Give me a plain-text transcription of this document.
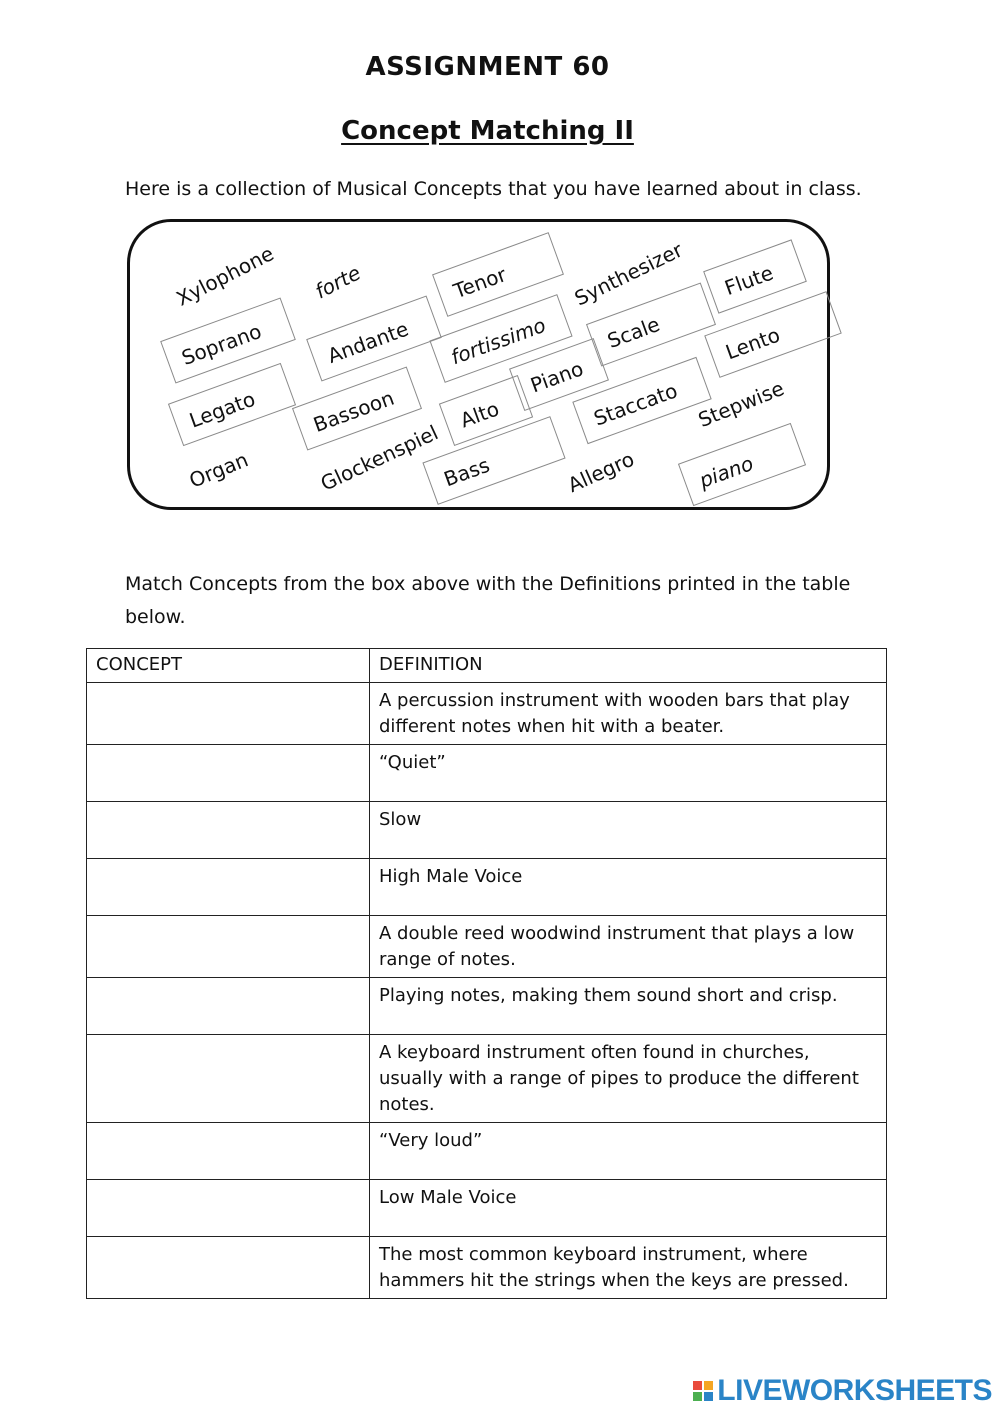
ASSIGNMENT 60
Concept Matching II

Here is a collection of Musical Concepts that you have learned about in class.

Xylophone forte	Tenor	Synthesizer	Flute
Soprano	Andante	fortissimo	Scale	Lento
Legato	Bassoon	Alto
Piano
Staccato Stepwise
Organ	Glockenspiel
Bass	Allegro	piano

Match Concepts from the box above with the Definitions printed in the table below.

CONCEPT	DEFINITION
	A percussion instrument with wooden bars that play different notes when hit with a beater.
	“Quiet”
	Slow
	High Male Voice
	A double reed woodwind instrument that plays a low range of notes.
	Playing notes, making them sound short and crisp.
	A keyboard instrument often found in churches, usually with a range of pipes to produce the different notes.
	“Very loud”
	Low Male Voice
	The most common keyboard instrument, where hammers hit the strings when the keys are pressed.
LIVEWORKSHEETS
